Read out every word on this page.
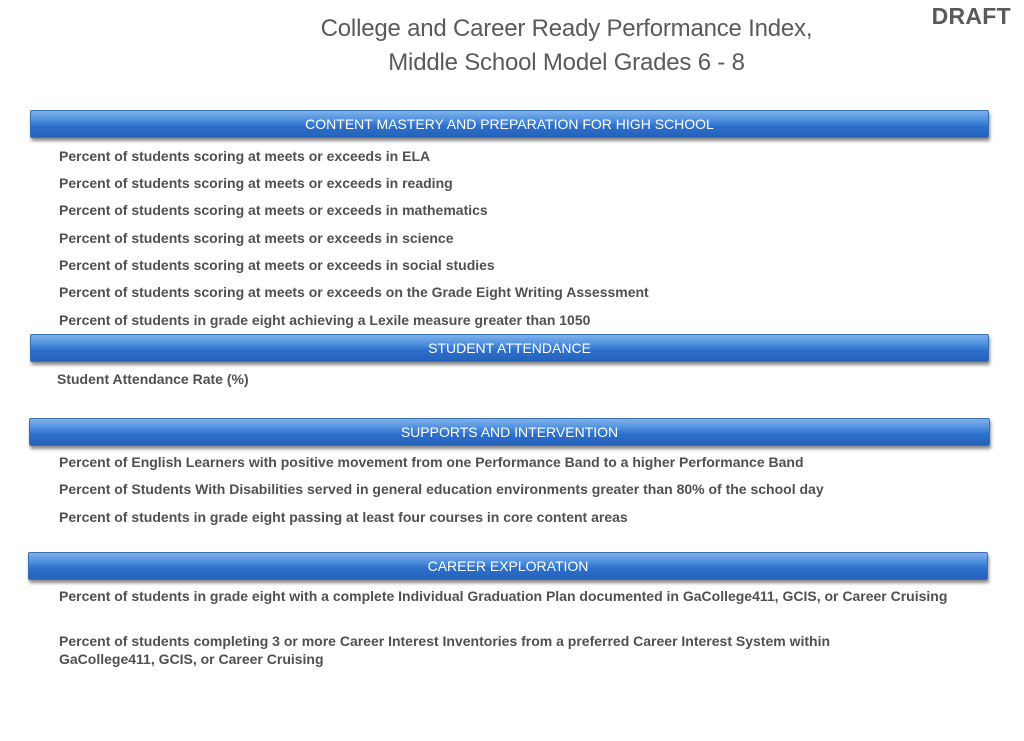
College and Career Ready Performance Index,
Middle School Model Grades 6 - 8
DRAFT
CONTENT MASTERY AND PREPARATION FOR HIGH SCHOOL
Percent of students scoring at meets or exceeds in ELA
Percent of students scoring at meets or exceeds in reading
Percent of students scoring at meets or exceeds in mathematics
Percent of students scoring at meets or exceeds in science
Percent of students scoring at meets or exceeds in social studies
Percent of students scoring at meets or exceeds on the Grade Eight Writing Assessment
Percent of students in grade eight achieving a Lexile measure greater than 1050
STUDENT ATTENDANCE
Student Attendance Rate (%)
SUPPORTS AND INTERVENTION
Percent of English Learners with positive movement from one Performance Band to a higher Performance Band
Percent of Students With Disabilities served in general education environments greater than 80% of the school day
Percent of students in grade eight passing at least four courses in core content areas
CAREER EXPLORATION
Percent of students in grade eight with a complete Individual Graduation Plan documented in GaCollege411, GCIS, or Career Cruising
Percent of students completing 3 or more Career Interest Inventories from a preferred Career Interest System within GaCollege411, GCIS, or Career Cruising
